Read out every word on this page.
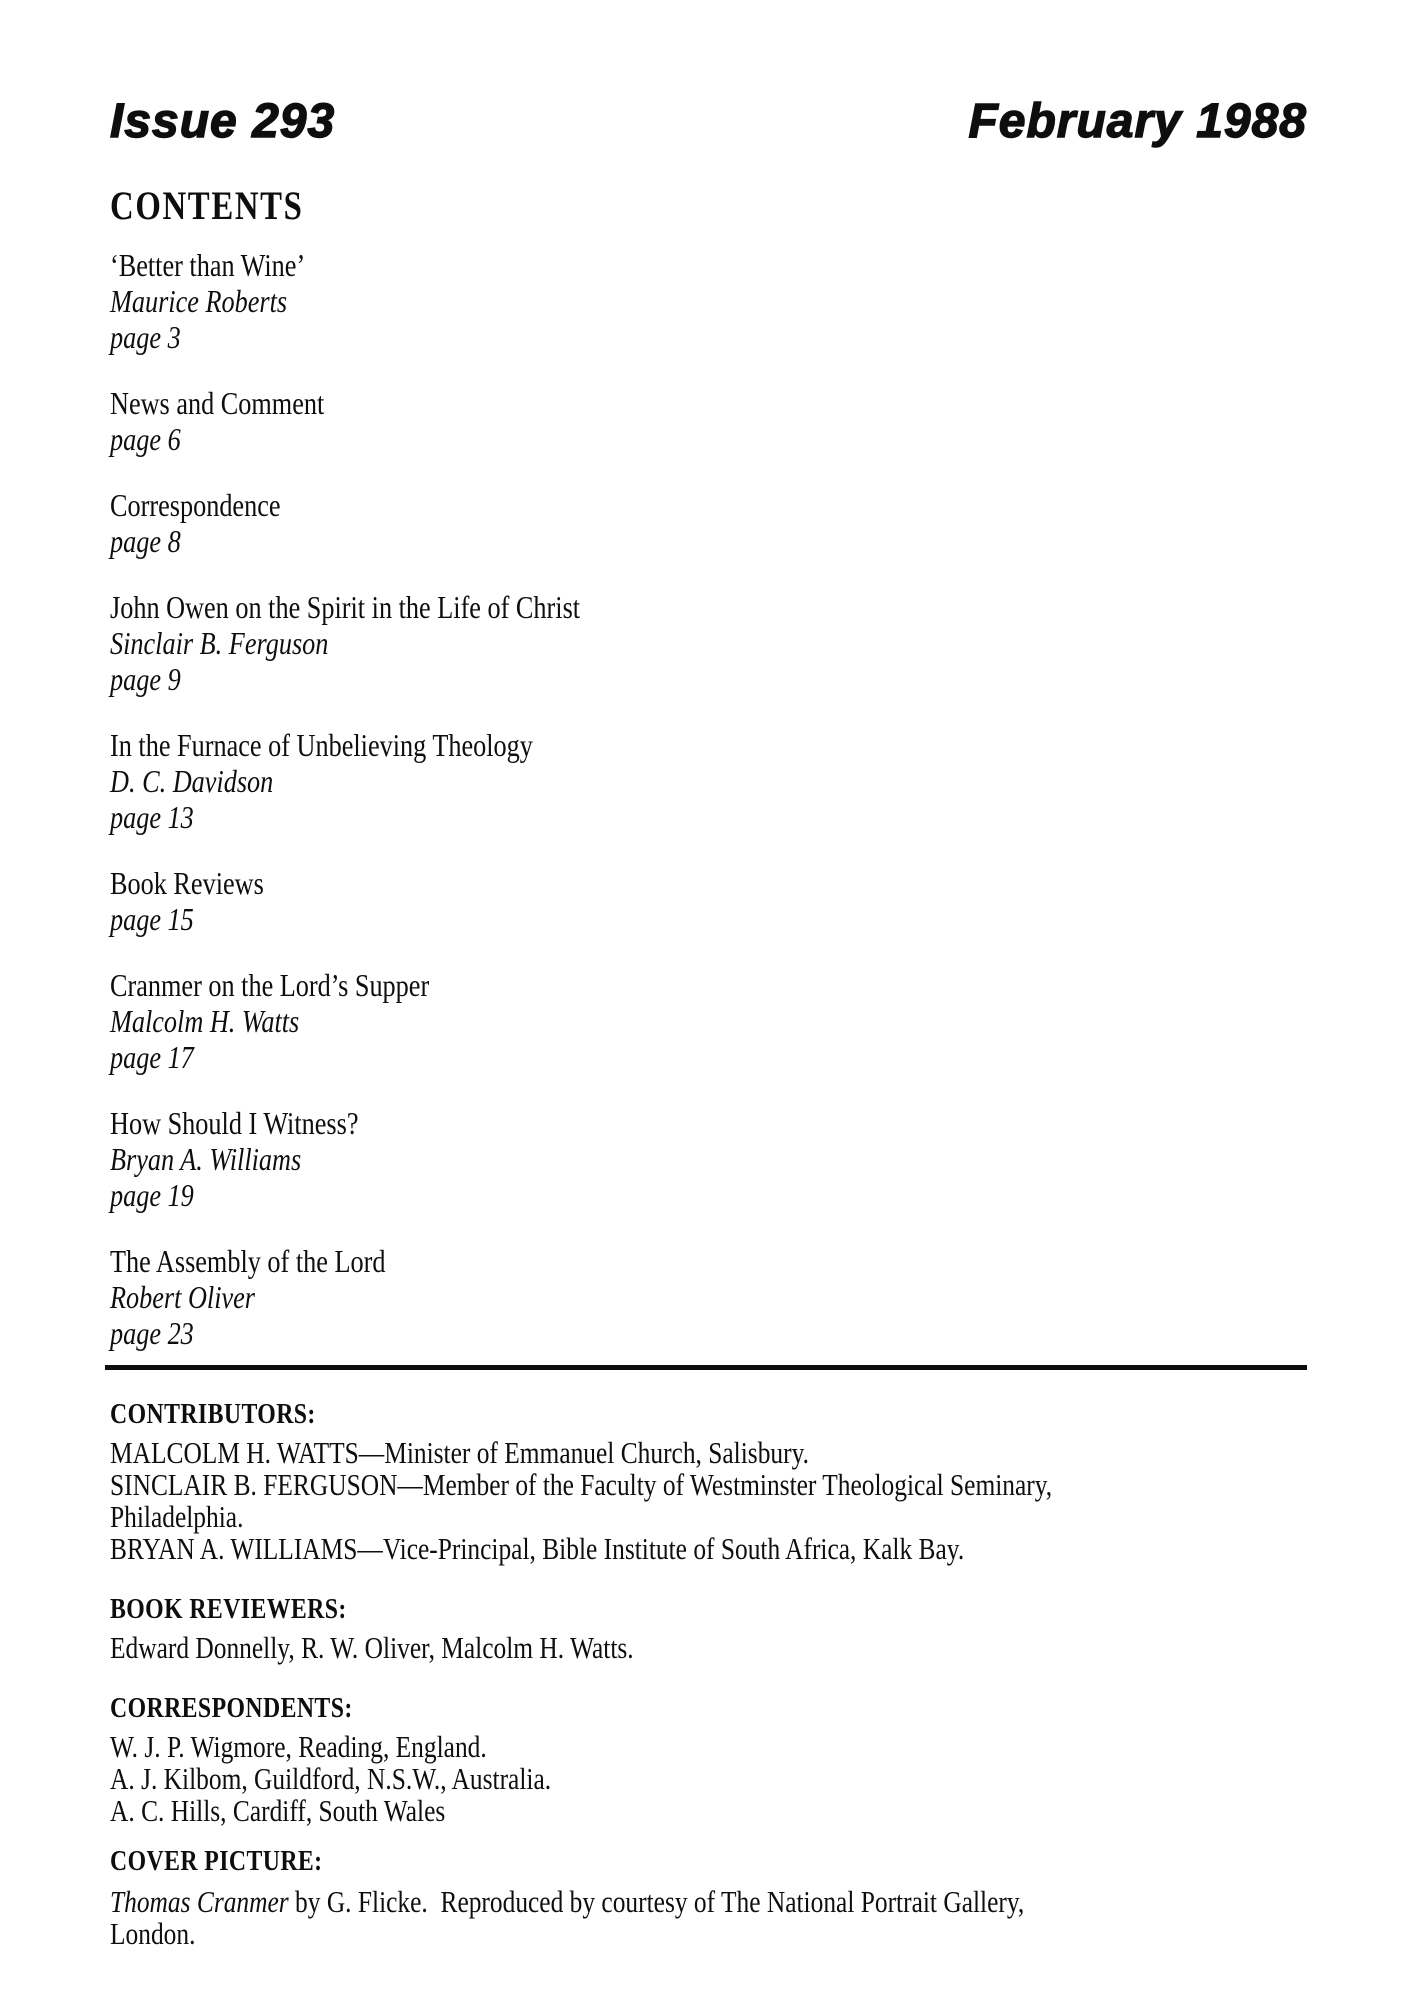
Issue 293	February 1988
CONTENTS
‘Better than Wine’
Maurice Roberts
page 3
News and Comment
page 6
Correspondence
page 8
John Owen on the Spirit in the Life of Christ
Sinclair B. Ferguson
page 9
In the Furnace of Unbelieving Theology
D. C. Davidson
page 13
Book Reviews
page 15
Cranmer on the Lord’s Supper
Malcolm H. Watts
page 17
How Should I Witness?
Bryan A. Williams
page 19
The Assembly of the Lord
Robert Oliver
page 23
CONTRIBUTORS:
MALCOLM H. WATTS—Minister of Emmanuel Church, Salisbury.
SINCLAIR B. FERGUSON—Member of the Faculty of Westminster Theological Seminary, Philadelphia.
BRYAN A. WILLIAMS—Vice-Principal, Bible Institute of South Africa, Kalk Bay.
BOOK REVIEWERS:
Edward Donnelly, R. W. Oliver, Malcolm H. Watts.
CORRESPONDENTS:
W. J. P. Wigmore, Reading, England.
A. J. Kilbom, Guildford, N.S.W., Australia.
A. C. Hills, Cardiff, South Wales
COVER PICTURE:
Thomas Cranmer by G. Flicke.  Reproduced by courtesy of The National Portrait Gallery, London.
